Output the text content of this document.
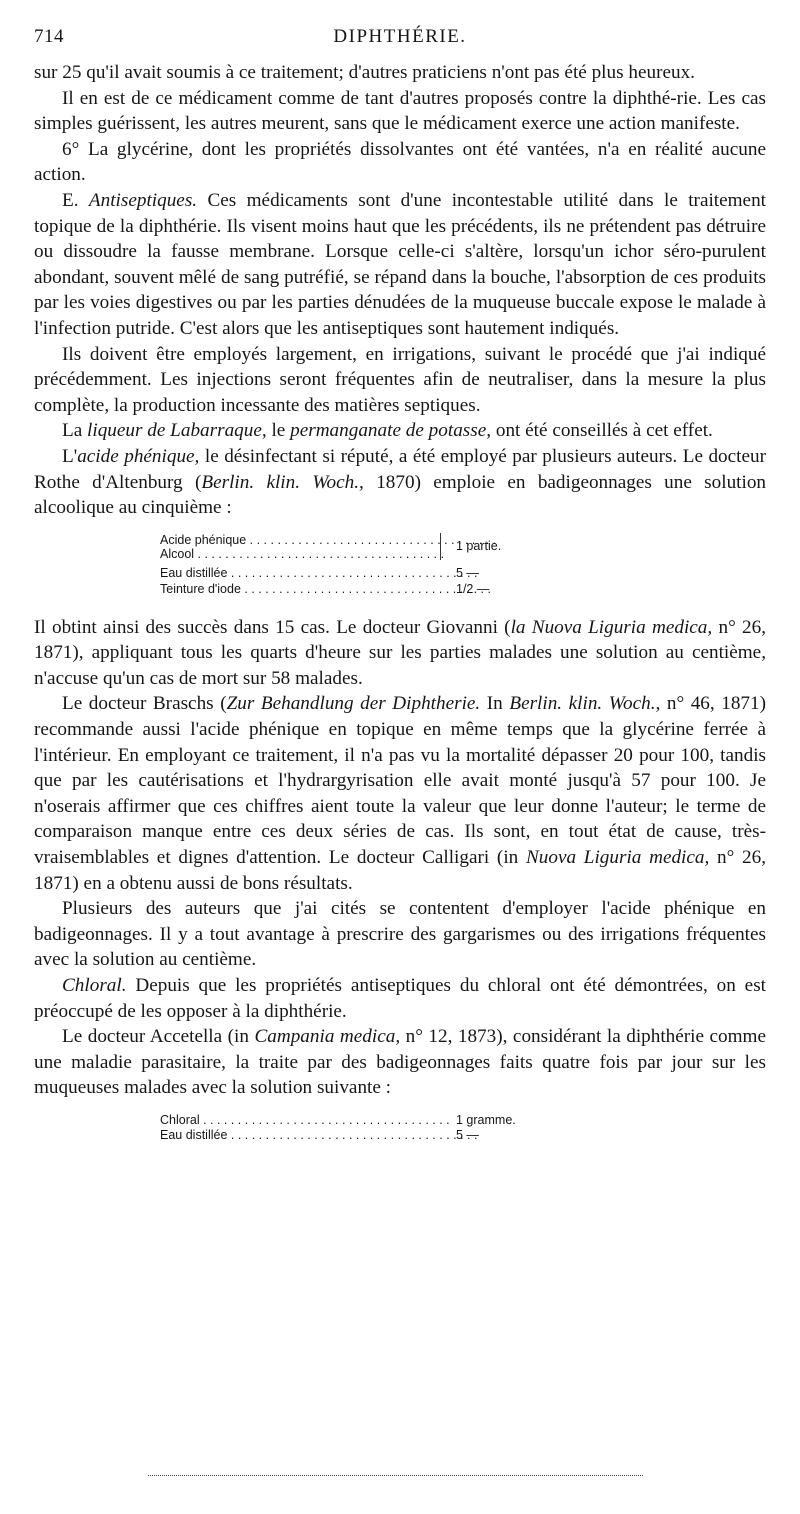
714	DIPHTHÉRIE.

sur 25 qu'il avait soumis à ce traitement; d'autres praticiens n'ont pas été plus heureux.

Il en est de ce médicament comme de tant d'autres proposés contre la diphthé-rie. Les cas simples guérissent, les autres meurent, sans que le médicament exerce une action manifeste.

6° La glycérine, dont les propriétés dissolvantes ont été vantées, n'a en réalité aucune action.

E. Antiseptiques. Ces médicaments sont d'une incontestable utilité dans le traitement topique de la diphthérie. Ils visent moins haut que les précédents, ils ne prétendent pas détruire ou dissoudre la fausse membrane. Lorsque celle-ci s'altère, lorsqu'un ichor séro-purulent abondant, souvent mêlé de sang putréfié, se répand dans la bouche, l'absorption de ces produits par les voies digestives ou par les parties dénudées de la muqueuse buccale expose le malade à l'infection putride. C'est alors que les antiseptiques sont hautement indiqués.

Ils doivent être employés largement, en irrigations, suivant le procédé que j'ai indiqué précédemment. Les injections seront fréquentes afin de neutraliser, dans la mesure la plus complète, la production incessante des matières septiques.

La liqueur de Labarraque, le permanganate de potasse, ont été conseillés à cet effet.

L'acide phénique, le désinfectant si réputé, a été employé par plusieurs auteurs. Le docteur Rothe d'Altenburg (Berlin. klin. Woch., 1870) emploie en badigeonnages une solution alcoolique au cinquième :

Acide phénique . . .
Alcool . . .
1 partie.
Eau distillée . . .	5 —
Teinture d'iode . . .	1/2 —

Il obtint ainsi des succès dans 15 cas. Le docteur Giovanni (la Nuova Liguria medica, n° 26, 1871), appliquant tous les quarts d'heure sur les parties malades une solution au centième, n'accuse qu'un cas de mort sur 58 malades.

Le docteur Braschs (Zur Behandlung der Diphtherie. In Berlin. klin. Woch., n° 46, 1871) recommande aussi l'acide phénique en topique en même temps que la glycérine ferrée à l'intérieur. En employant ce traitement, il n'a pas vu la mortalité dépasser 20 pour 100, tandis que par les cautérisations et l'hydrargyrisation elle avait monté jusqu'à 57 pour 100. Je n'oserais affirmer que ces chiffres aient toute la valeur que leur donne l'auteur; le terme de comparaison manque entre ces deux séries de cas. Ils sont, en tout état de cause, très-vraisemblables et dignes d'attention. Le docteur Calligari (in Nuova Liguria medica, n° 26, 1871) en a obtenu aussi de bons résultats.

Plusieurs des auteurs que j'ai cités se contentent d'employer l'acide phénique en badigeonnages. Il y a tout avantage à prescrire des gargarismes ou des irrigations fréquentes avec la solution au centième.

Chloral. Depuis que les propriétés antiseptiques du chloral ont été démontrées, on est préoccupé de les opposer à la diphthérie.

Le docteur Accetella (in Campania medica, n° 12, 1873), considérant la diphthérie comme une maladie parasitaire, la traite par des badigeonnages faits quatre fois par jour sur les muqueuses malades avec la solution suivante :

Chloral . . .	1 gramme.
Eau distillée . . .	5 —
